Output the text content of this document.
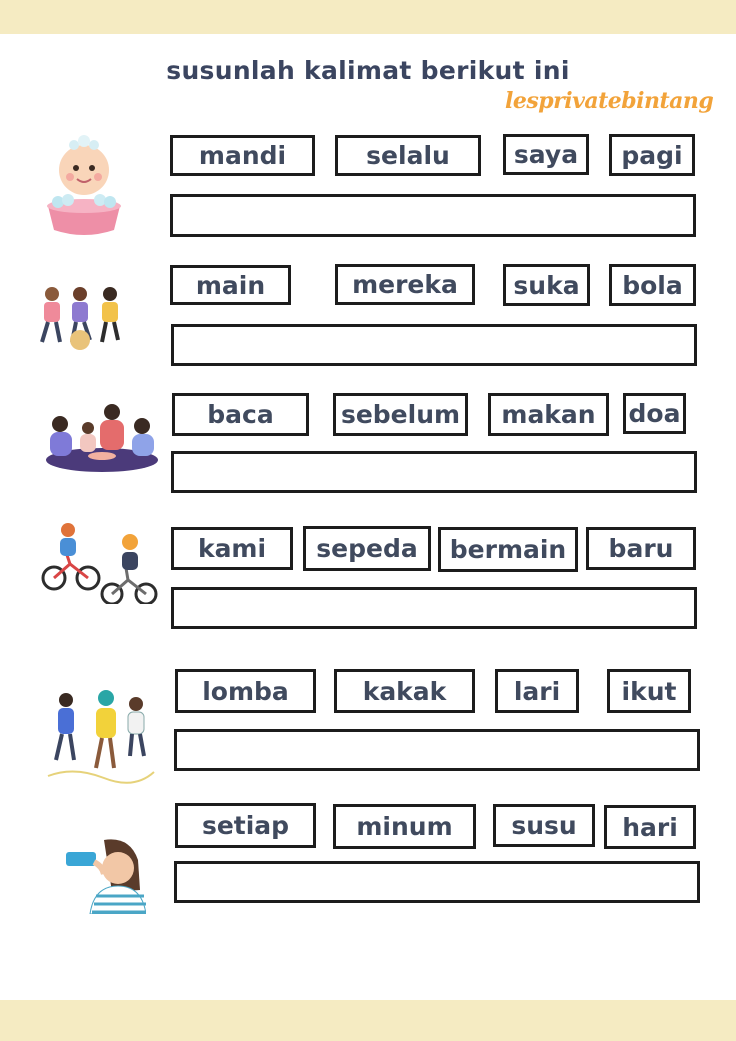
susunlah kalimat berikut ini
lesprivatebintang
mandi	selalu	saya	pagi
main	mereka	suka	bola
baca	sebelum	makan	doa
kami	sepeda	bermain	baru
lomba	kakak	lari	ikut
setiap	minum	susu	hari
